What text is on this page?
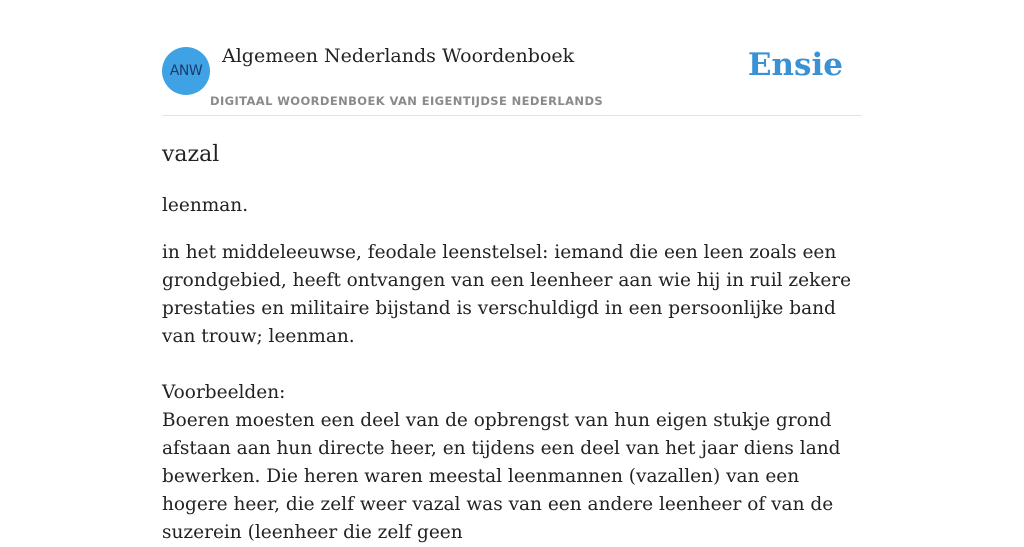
ANW
Algemeen Nederlands Woordenboek
DIGITAAL WOORDENBOEK VAN EIGENTIJDSE NEDERLANDS
Ensie
vazal

leenman.

in het middeleeuwse, feodale leenstelsel: iemand die een leen zoals een grondgebied, heeft ontvangen van een leenheer aan wie hij in ruil zekere prestaties en militaire bijstand is verschuldigd in een persoonlijke band van trouw; leenman.

Voorbeelden:

Boeren moesten een deel van de opbrengst van hun eigen stukje grond afstaan aan hun directe heer, en tijdens een deel van het jaar diens land bewerken. Die heren waren meestal leenmannen (vazallen) van een hogere heer, die zelf weer vazal was van een andere leenheer of van de suzerein (leenheer die zelf geen
